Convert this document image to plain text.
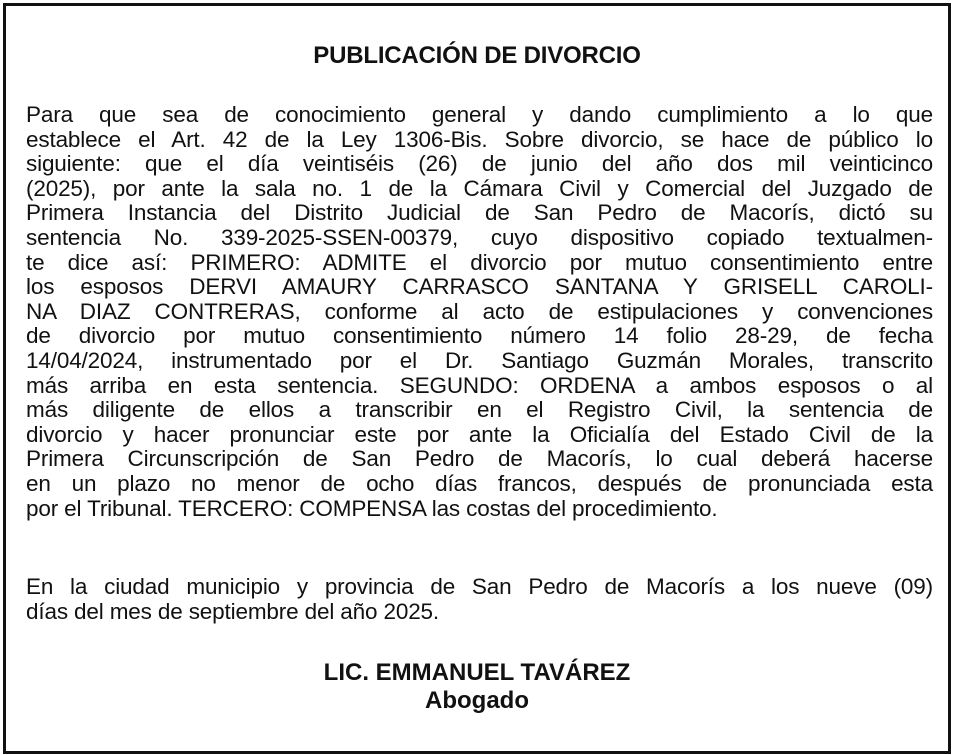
PUBLICACIÓN DE DIVORCIO
Para que sea de conocimiento general y dando cumplimiento a lo que
establece el Art. 42 de la Ley 1306-Bis. Sobre divorcio, se hace de público lo
siguiente: que el día veintiséis (26) de junio del año dos mil veinticinco
(2025), por ante la sala no. 1 de la Cámara Civil y Comercial del Juzgado de
Primera Instancia del Distrito Judicial de San Pedro de Macorís, dictó su
sentencia No. 339-2025-SSEN-00379, cuyo dispositivo copiado textualmen-
te dice así: PRIMERO: ADMITE el divorcio por mutuo consentimiento entre
los esposos DERVI AMAURY CARRASCO SANTANA Y GRISELL CAROLI-
NA DIAZ CONTRERAS, conforme al acto de estipulaciones y convenciones
de divorcio por mutuo consentimiento número 14 folio 28-29, de fecha
14/04/2024, instrumentado por el Dr. Santiago Guzmán Morales, transcrito
más arriba en esta sentencia. SEGUNDO: ORDENA a ambos esposos o al
más diligente de ellos a transcribir en el Registro Civil, la sentencia de
divorcio y hacer pronunciar este por ante la Oficialía del Estado Civil de la
Primera Circunscripción de San Pedro de Macorís, lo cual deberá hacerse
en un plazo no menor de ocho días francos, después de pronunciada esta
por el Tribunal. TERCERO: COMPENSA las costas del procedimiento.
En la ciudad municipio y provincia de San Pedro de Macorís a los nueve (09)
días del mes de septiembre del año 2025.

LIC. EMMANUEL TAVÁREZ

Abogado
